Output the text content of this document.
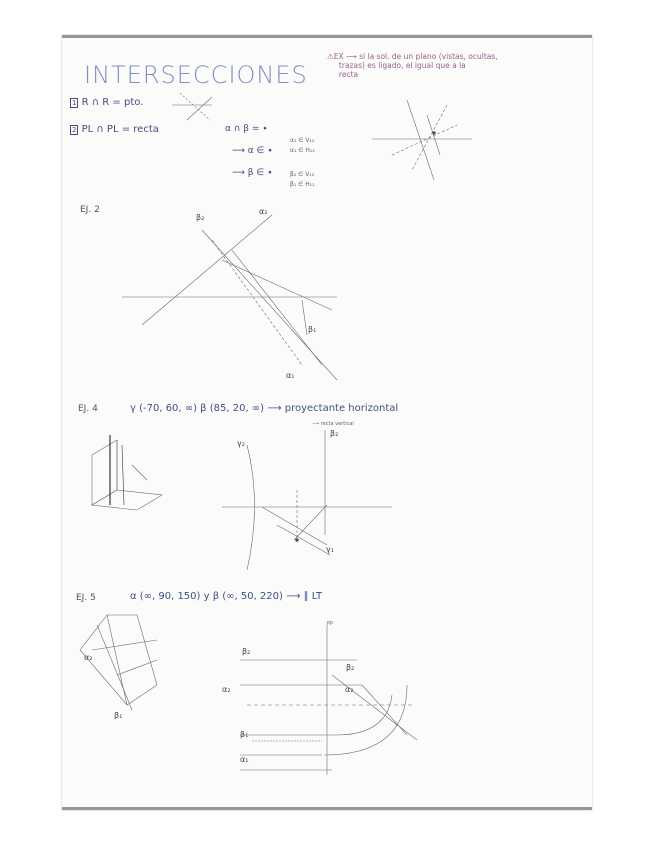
INTERSECCIONES
⚠EX ⟶ si la sol. de un plano (vistas, ocultas,
trazas) es ligado, el igual que a la
recta
1 R ∩ R = pto.
2 PL ∩ PL = recta	α ∩ β = ∙
⟶ α ∈ ∙
⟶ β ∈ ∙
α₂ ∈ V₁₂
α₁ ∈ H₁₂
β₂ ∈ V₁₂
β₁ ∈ H₁₂
EJ. 2
EJ. 4	γ (-70, 60, ∞) β (85, 20, ∞) ⟶ proyectante horizontal
⟶ recta vertical
EJ. 5	α (∞, 90, 150) y β (∞, 50, 220) ⟶ ∥ LT
β₂
α₂
β₁
α₁
γ₂
β₂
γ₁
PP
β₂
β₂
α₂	α₂
β₁
α₁
β₁
α₂
